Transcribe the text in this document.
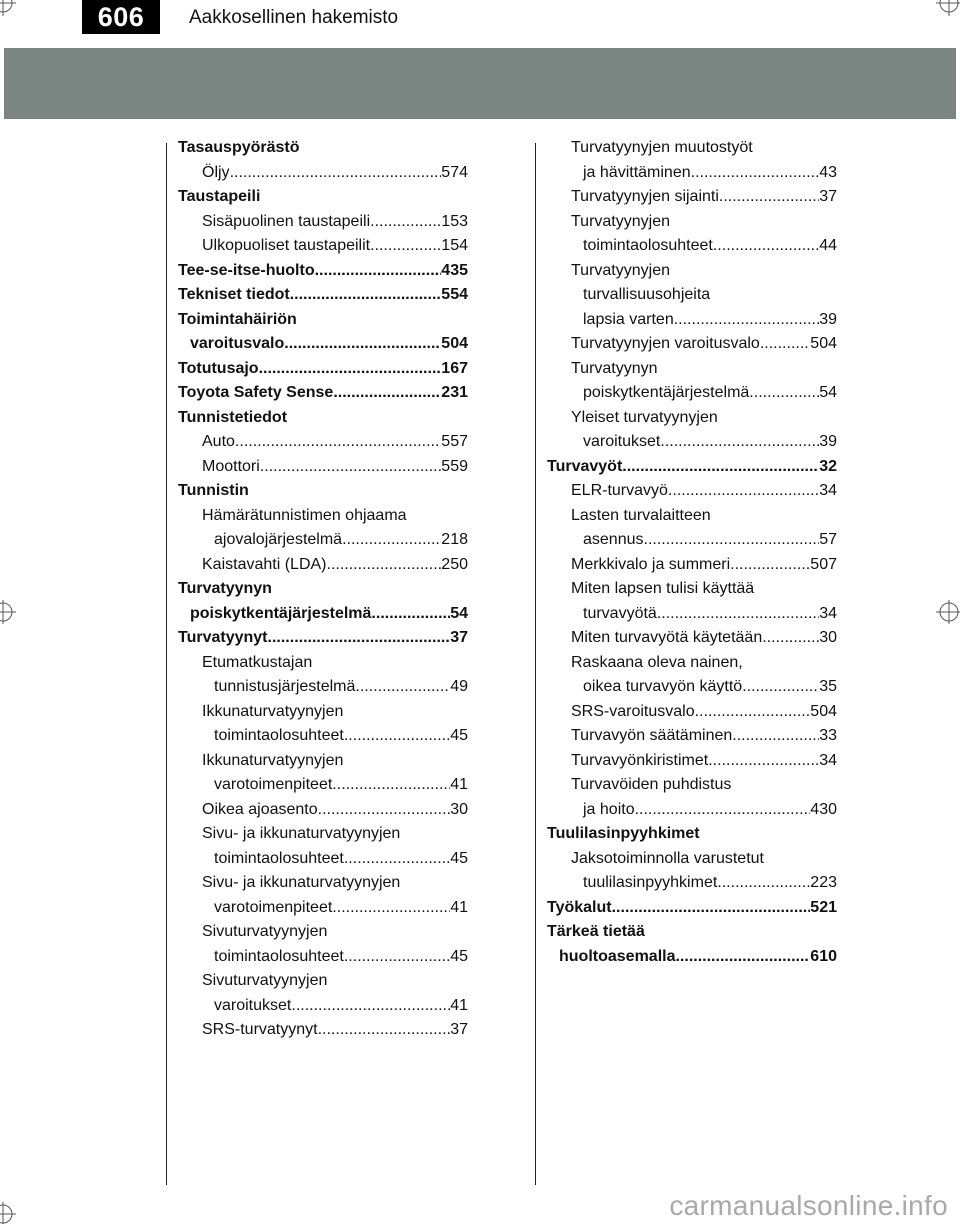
606 Aakkosellinen hakemisto
Tasauspyörästö
Öljy .....	574
Taustapeili
Sisäpuolinen taustapeili .....	153
Ulkopuoliset taustapeilit .....	154
Tee-se-itse-huolto .....	435
Tekniset tiedot .....	554
Toimintahäiriön
varoitusvalo .....	504
Totutusajo .....	167
Toyota Safety Sense .....	231
Tunnistetiedot
Auto .....	557
Moottori .....	559
Tunnistin
Hämärätunnistimen ohjaama
ajovalojärjestelmä .....	218
Kaistavahti (LDA) .....	250
Turvatyynyn
poiskytkentäjärjestelmä .....	54
Turvatyynyt .....	37
Etumatkustajan
tunnistusjärjestelmä .....	49
Ikkunaturvatyynyjen
toimintaolosuhteet .....	45
Ikkunaturvatyynyjen
varotoimenpiteet .....	41
Oikea ajoasento .....	30
Sivu- ja ikkunaturvatyynyjen
toimintaolosuhteet .....	45
Sivu- ja ikkunaturvatyynyjen
varotoimenpiteet .....	41
Sivuturvatyynyjen
toimintaolosuhteet .....	45
Sivuturvatyynyjen
varoitukset .....	41
SRS-turvatyynyt .....	37
Turvatyynyjen muutostyöt
ja hävittäminen .....	43
Turvatyynyjen sijainti .....	37
Turvatyynyjen
toimintaolosuhteet .....	44
Turvatyynyjen
turvallisuusohjeita
lapsia varten .....	39
Turvatyynyjen varoitusvalo .....	504
Turvatyynyn
poiskytkentäjärjestelmä .....	54
Yleiset turvatyynyjen
varoitukset .....	39
Turvavyöt .....	32
ELR-turvavyö .....	34
Lasten turvalaitteen
asennus .....	57
Merkkivalo ja summeri .....	507
Miten lapsen tulisi käyttää
turvavyötä .....	34
Miten turvavyötä käytetään .....	30
Raskaana oleva nainen,
oikea turvavyön käyttö .....	35
SRS-varoitusvalo .....	504
Turvavyön säätäminen .....	33
Turvavyönkiristimet .....	34
Turvavöiden puhdistus
ja hoito .....	430
Tuulilasinpyyhkimet
Jaksotoiminnolla varustetut
tuulilasinpyyhkimet .....	223
Työkalut .....	521
Tärkeä tietää
huoltoasemalla .....	610
carmanualsonline.info
